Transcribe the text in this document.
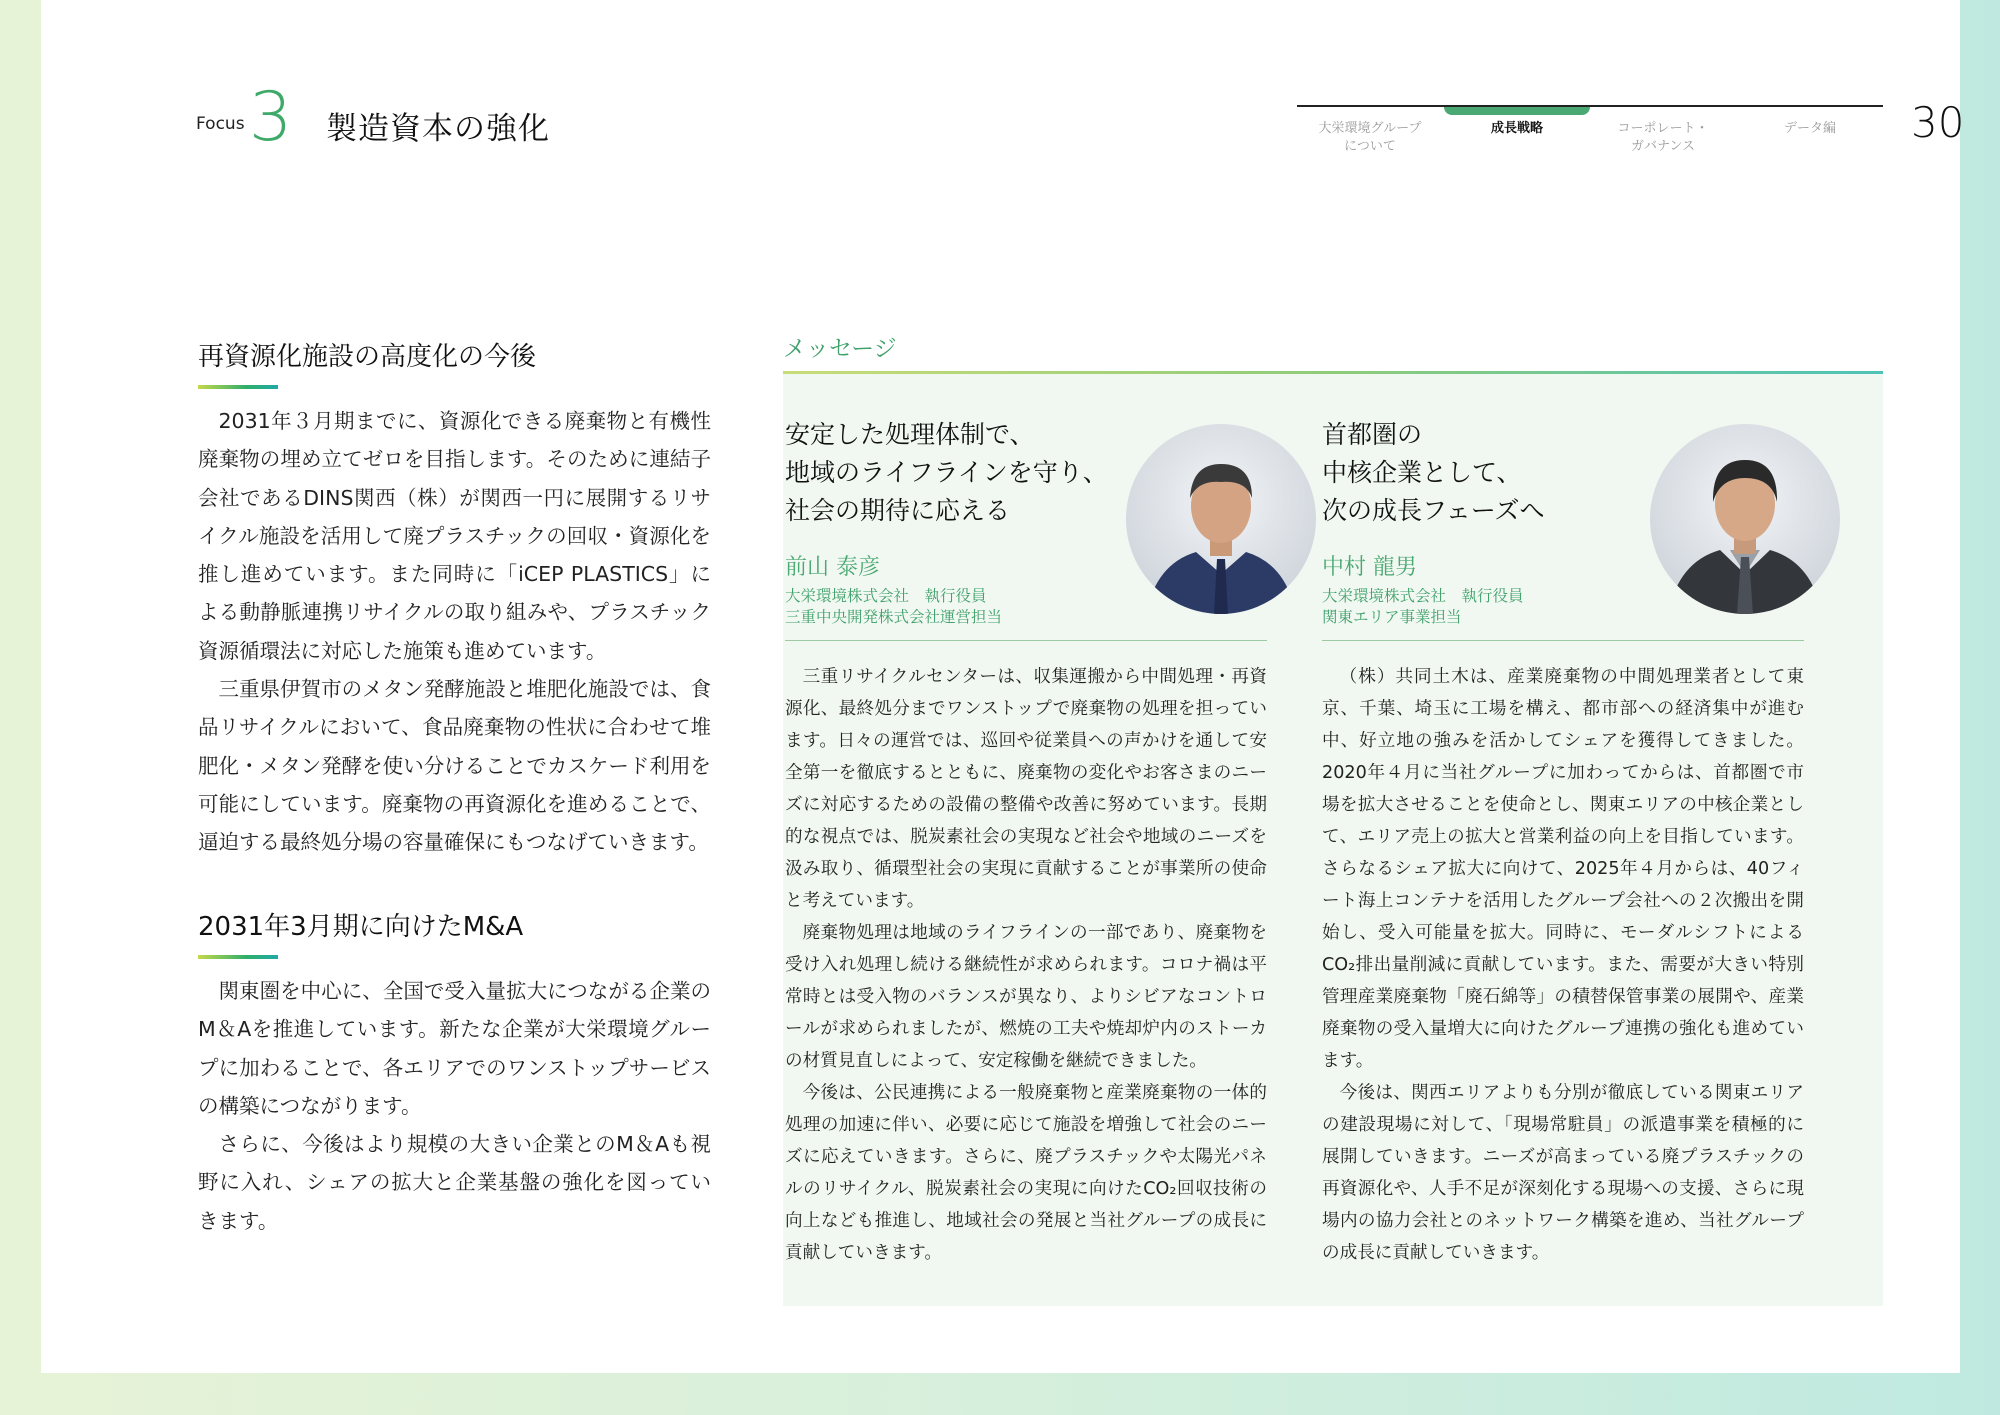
Focus 3 製造資本の強化	大栄環境グループ
について
成長戦略	コーポレート・
ガバナンス
データ編	30
再資源化施設の高度化の今後

2031年３月期までに、資源化できる廃棄物と有機性廃棄物の埋め立てゼロを目指します。そのために連結子会社であるDINS関西（株）が関西一円に展開するリサイクル施設を活用して廃プラスチックの回収・資源化を推し進めています。また同時に「iCEP PLASTICS」による動静脈連携リサイクルの取り組みや、プラスチック資源循環法に対応した施策も進めています。

三重県伊賀市のメタン発酵施設と堆肥化施設では、食品リサイクルにおいて、食品廃棄物の性状に合わせて堆肥化・メタン発酵を使い分けることでカスケード利用を可能にしています。廃棄物の再資源化を進めることで、逼迫する最終処分場の容量確保にもつなげていきます。

2031年3月期に向けたM&A

関東圏を中心に、全国で受入量拡大につながる企業のM＆Aを推進しています。新たな企業が大栄環境グループに加わることで、各エリアでのワンストップサービスの構築につながります。

さらに、今後はより規模の大きい企業とのM＆Aも視野に入れ、シェアの拡大と企業基盤の強化を図っていきます。

メッセージ
安定した処理体制で、
地域のライフラインを守り、
社会の期待に応える
前山 泰彦
大栄環境株式会社　執行役員
三重中央開発株式会社運営担当

三重リサイクルセンターは、収集運搬から中間処理・再資源化、最終処分までワンストップで廃棄物の処理を担っています。日々の運営では、巡回や従業員への声かけを通して安全第一を徹底するとともに、廃棄物の変化やお客さまのニーズに対応するための設備の整備や改善に努めています。長期的な視点では、脱炭素社会の実現など社会や地域のニーズを汲み取り、循環型社会の実現に貢献することが事業所の使命と考えています。

廃棄物処理は地域のライフラインの一部であり、廃棄物を受け入れ処理し続ける継続性が求められます。コロナ禍は平常時とは受入物のバランスが異なり、よりシビアなコントロールが求められましたが、燃焼の工夫や焼却炉内のストーカの材質見直しによって、安定稼働を継続できました。

今後は、公民連携による一般廃棄物と産業廃棄物の一体的処理の加速に伴い、必要に応じて施設を増強して社会のニーズに応えていきます。さらに、廃プラスチックや太陽光パネルのリサイクル、脱炭素社会の実現に向けたCO₂回収技術の向上なども推進し、地域社会の発展と当社グループの成長に貢献していきます。

首都圏の
中核企業として、
次の成長フェーズへ
中村 龍男
大栄環境株式会社　執行役員
関東エリア事業担当

（株）共同土木は、産業廃棄物の中間処理業者として東京、千葉、埼玉に工場を構え、都市部への経済集中が進む中、好立地の強みを活かしてシェアを獲得してきました。2020年４月に当社グループに加わってからは、首都圏で市場を拡大させることを使命とし、関東エリアの中核企業として、エリア売上の拡大と営業利益の向上を目指しています。さらなるシェア拡大に向けて、2025年４月からは、40フィート海上コンテナを活用したグループ会社への２次搬出を開始し、受入可能量を拡大。同時に、モーダルシフトによるCO₂排出量削減に貢献しています。また、需要が大きい特別管理産業廃棄物「廃石綿等」の積替保管事業の展開や、産業廃棄物の受入量増大に向けたグループ連携の強化も進めています。

今後は、関西エリアよりも分別が徹底している関東エリアの建設現場に対して、「現場常駐員」の派遣事業を積極的に展開していきます。ニーズが高まっている廃プラスチックの再資源化や、人手不足が深刻化する現場への支援、さらに現場内の協力会社とのネットワーク構築を進め、当社グループの成長に貢献していきます。
